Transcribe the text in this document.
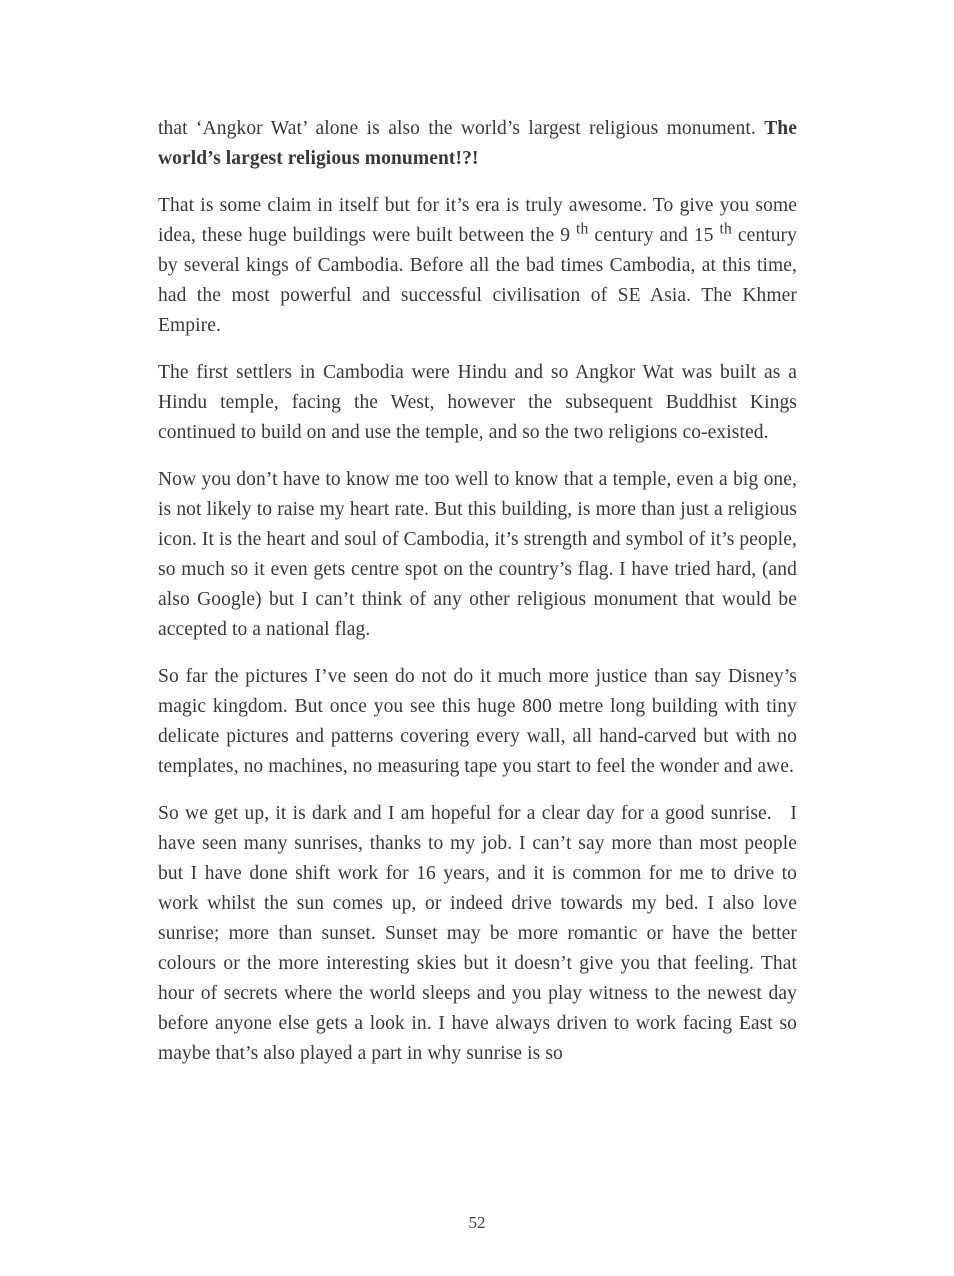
that ‘Angkor Wat’ alone is also the world’s largest religious monument. The world’s largest religious monument!?!

That is some claim in itself but for it’s era is truly awesome. To give you some idea, these huge buildings were built between the 9 $^{th}$ century and 15 $^{th}$ century by several kings of Cambodia. Before all the bad times Cambodia, at this time, had the most powerful and successful civilisation of SE Asia. The Khmer Empire.

The first settlers in Cambodia were Hindu and so Angkor Wat was built as a Hindu temple, facing the West, however the subsequent Buddhist Kings continued to build on and use the temple, and so the two religions co-existed.

Now you don’t have to know me too well to know that a temple, even a big one, is not likely to raise my heart rate. But this building, is more than just a religious icon. It is the heart and soul of Cambodia, it’s strength and symbol of it’s people, so much so it even gets centre spot on the country’s flag. I have tried hard, (and also Google) but I can’t think of any other religious monument that would be accepted to a national flag.

So far the pictures I’ve seen do not do it much more justice than say Disney’s magic kingdom. But once you see this huge 800 metre long building with tiny delicate pictures and patterns covering every wall, all hand-carved but with no templates, no machines, no measuring tape you start to feel the wonder and awe.

So we get up, it is dark and I am hopeful for a clear day for a good sunrise.   I have seen many sunrises, thanks to my job. I can’t say more than most people but I have done shift work for 16 years, and it is common for me to drive to work whilst the sun comes up, or indeed drive towards my bed. I also love sunrise; more than sunset. Sunset may be more romantic or have the better colours or the more interesting skies but it doesn’t give you that feeling. That hour of secrets where the world sleeps and you play witness to the newest day before anyone else gets a look in. I have always driven to work facing East so maybe that’s also played a part in why sunrise is so

52
